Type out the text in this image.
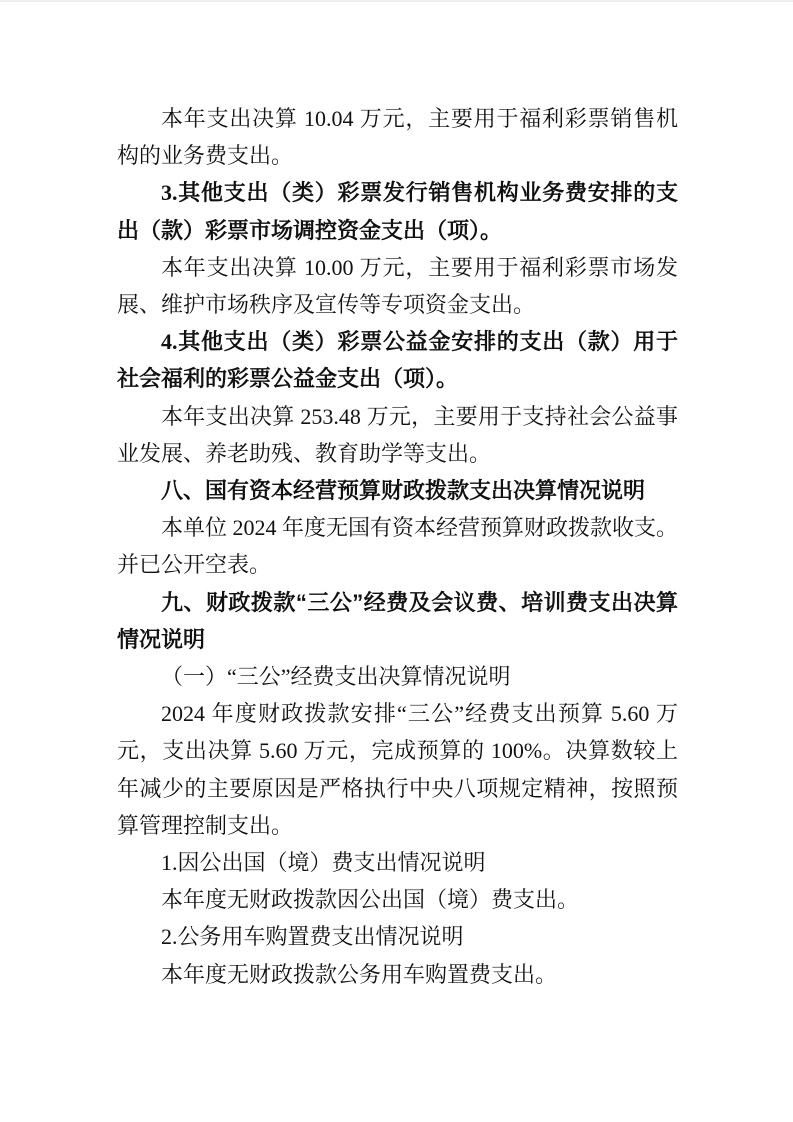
本年支出决算 10.04 万元，主要用于福利彩票销售机构的业务费支出。

3.其他支出（类）彩票发行销售机构业务费安排的支出（款）彩票市场调控资金支出（项）。

本年支出决算 10.00 万元，主要用于福利彩票市场发展、维护市场秩序及宣传等专项资金支出。

4.其他支出（类）彩票公益金安排的支出（款）用于社会福利的彩票公益金支出（项）。

本年支出决算 253.48 万元，主要用于支持社会公益事业发展、养老助残、教育助学等支出。

八、国有资本经营预算财政拨款支出决算情况说明

本单位 2024 年度无国有资本经营预算财政拨款收支。并已公开空表。

九、财政拨款“三公”经费及会议费、培训费支出决算情况说明

（一）“三公”经费支出决算情况说明

2024 年度财政拨款安排“三公”经费支出预算 5.60 万元，支出决算 5.60 万元，完成预算的 100%。决算数较上年减少的主要原因是严格执行中央八项规定精神，按照预算管理控制支出。

1.因公出国（境）费支出情况说明

本年度无财政拨款因公出国（境）费支出。

2.公务用车购置费支出情况说明

本年度无财政拨款公务用车购置费支出。
